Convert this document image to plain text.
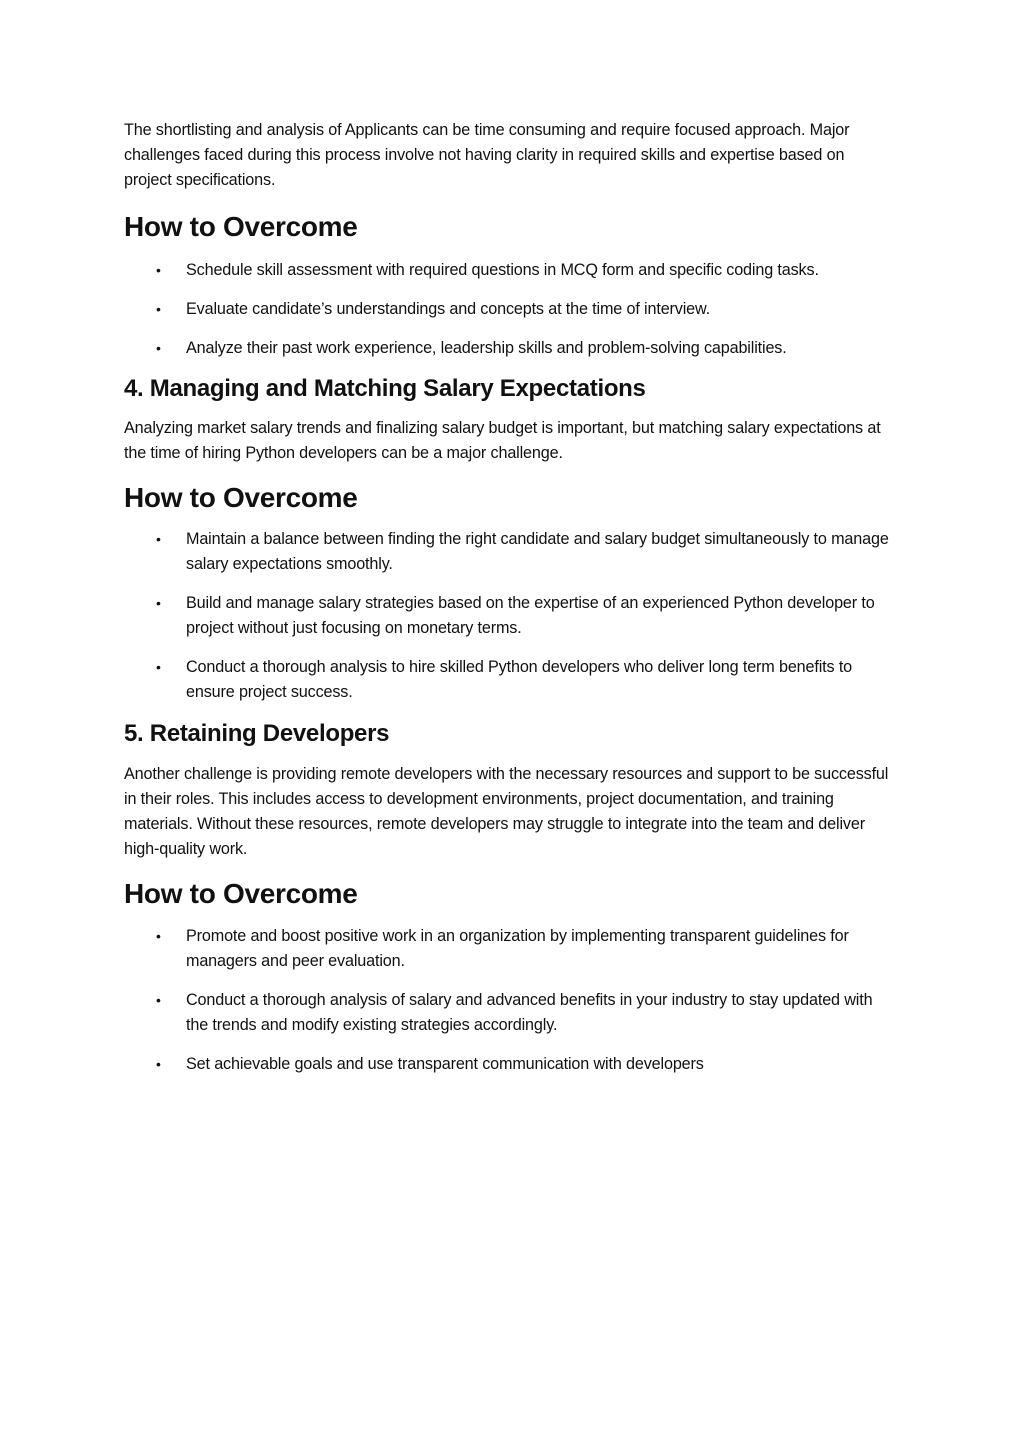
The shortlisting and analysis of Applicants can be time consuming and require focused approach. Major challenges faced during this process involve not having clarity in required skills and expertise based on project specifications.

How to Overcome
• Schedule skill assessment with required questions in MCQ form and specific coding tasks.
• Evaluate candidate’s understandings and concepts at the time of interview.
• Analyze their past work experience, leadership skills and problem-solving capabilities.
4. Managing and Matching Salary Expectations

Analyzing market salary trends and finalizing salary budget is important, but matching salary expectations at the time of hiring Python developers can be a major challenge.

How to Overcome
• Maintain a balance between finding the right candidate and salary budget simultaneously to manage salary expectations smoothly.
• Build and manage salary strategies based on the expertise of an experienced Python developer to project without just focusing on monetary terms.
• Conduct a thorough analysis to hire skilled Python developers who deliver long term benefits to ensure project success.
5. Retaining Developers

Another challenge is providing remote developers with the necessary resources and support to be successful in their roles. This includes access to development environments, project documentation, and training materials. Without these resources, remote developers may struggle to integrate into the team and deliver high-quality work.

How to Overcome
• Promote and boost positive work in an organization by implementing transparent guidelines for managers and peer evaluation.
• Conduct a thorough analysis of salary and advanced benefits in your industry to stay updated with the trends and modify existing strategies accordingly.
• Set achievable goals and use transparent communication with developers
